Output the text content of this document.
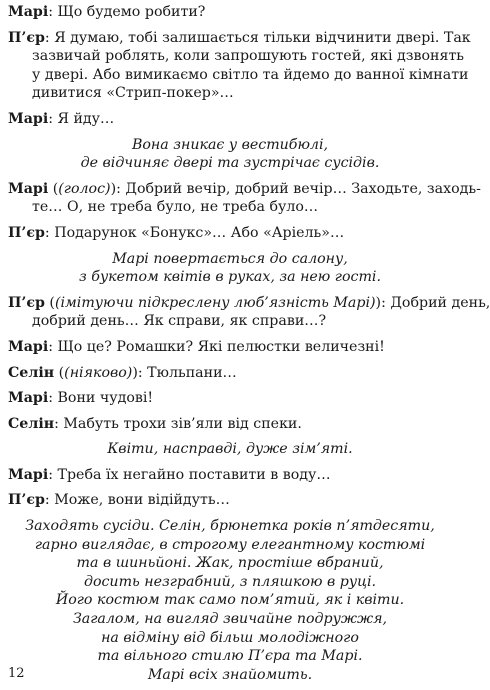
Марі: Що будемо робити?
П’єр: Я думаю, тобі залишається тільки відчинити двері. Так
зазвичай роблять, коли запрошують гостей, які дзвонять
у двері. Або вимикаємо світло та йдемо до ванної кімнати
дивитися «Стрип-покер»…
Марі: Я йду…
Вона зникає у вестибюлі,
де відчиняє двері та зустрічає сусідів.
Марі ((голос)): Добрий вечір, добрий вечір… Заходьте, заходь-
те… О, не треба було, не треба було…
П’єр: Подарунок «Бонукс»… Або «Аріель»…
Марі повертається до салону,
з букетом квітів в руках, за нею гості.
П’єр ((імітуючи підкреслену люб’язність Марі)): Добрий день,
добрий день… Як справи, як справи…?
Марі: Що це? Ромашки? Які пелюстки величезні!
Селін ((ніяково)): Тюльпани…
Марі: Вони чудові!
Селін: Мабуть трохи зів’яли від спеки.
Квіти, насправді, дуже зім’яті.
Марі: Треба їх негайно поставити в воду…
П’єр: Може, вони відійдуть…
Заходять сусіди. Селін, брюнетка років п’ятдесяти,
гарно виглядає, в строгому елегантному костюмі
та в шиньйоні. Жак, простіше вбраний,
досить незграбний, з пляшкою в руці.
Його костюм так само пом’ятий, як і квіти.
Загалом, на вигляд звичайне подружжя,
на відміну від більш молодіжного
та вільного стилю П’єра та Марі.
Марі всіх знайомить.
12
